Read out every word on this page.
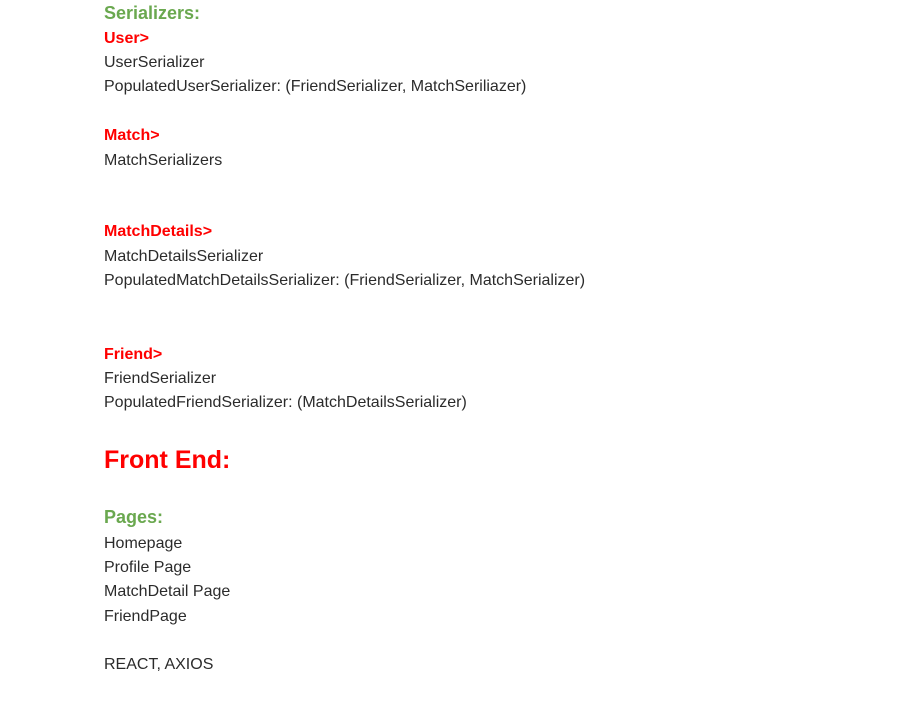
Serializers:
User>
UserSerializer
PopulatedUserSerializer: (FriendSerializer, MatchSeriliazer)
Match>
MatchSerializers
MatchDetails>
MatchDetailsSerializer
PopulatedMatchDetailsSerializer: (FriendSerializer, MatchSerializer)
Friend>
FriendSerializer
PopulatedFriendSerializer: (MatchDetailsSerializer)
Front End:
Pages:
Homepage
Profile Page
MatchDetail Page
FriendPage
REACT, AXIOS
